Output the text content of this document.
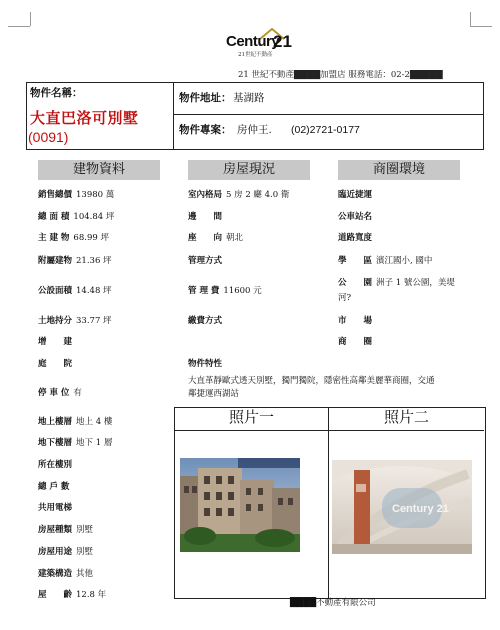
Century
21
21世紀不動產
21 世紀不動產████加盟店 服務電話：02-2█████
物件名稱：
大直巴洛可別墅
(0091)
物件地址： 基湖路
物件專案： 房仲王. (02)2721-0177
建物資料	房屋現況	商圈環境
銷售總價 13980 萬
總 面 積 104.84 坪
主 建 物 68.99 坪
附屬建物 21.36 坪
公設面積 14.48 坪
土地持分 33.77 坪
增　　建
庭　　院
停 車 位 有
地上樓層 地上 4 樓
地下樓層 地下 1 層
所在樓別
總 戶 數
共用電梯
房屋種類 別墅
房屋用途 別墅
建築構造 其他
屋　　齡 12.8 年
室內格局 5 房 2 廳 4.0 衛
邊　　間
座　　向 朝北
管理方式
管 理 費 11600 元
繳費方式
臨近捷運
公車站名
道路寬度
學　　區 濱江國小, 國中
公　　園 洲子 1 號公園，美堤
河?
市　　場
商　　圈
物件特性
大直革靜歐式透天別墅，獨門獨院，隱密性高鄰美麗華商圈，交通
鄰捷運西湖站
照片一	照片二
Century 21
████不動產有限公司
